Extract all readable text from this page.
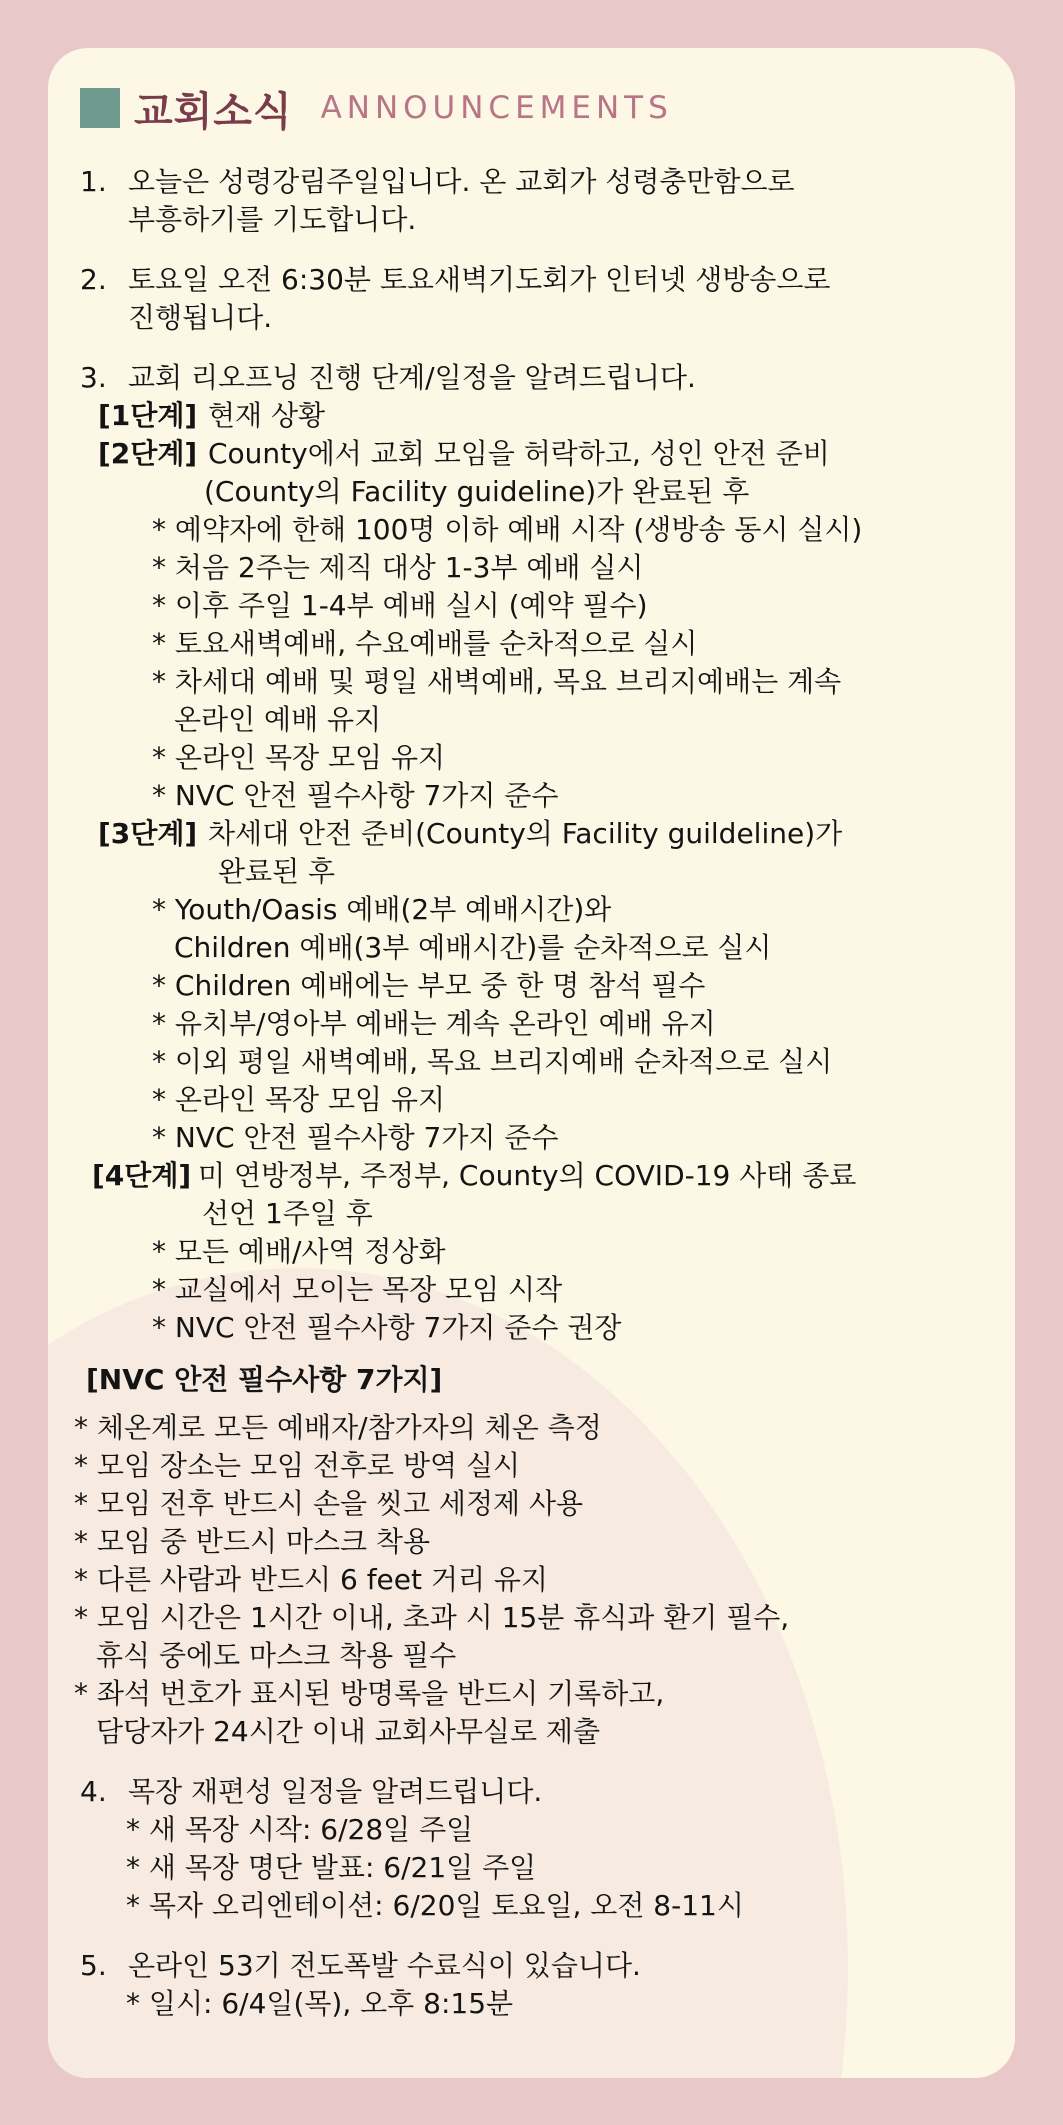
교회소식 ANNOUNCEMENTS
1. 오늘은 성령강림주일입니다. 온 교회가 성령충만함으로
부흥하기를 기도합니다.
2. 토요일 오전 6:30분 토요새벽기도회가 인터넷 생방송으로
진행됩니다.
3. 교회 리오프닝 진행 단계/일정을 알려드립니다.
[1단계] 현재 상황
[2단계] County에서 교회 모임을 허락하고, 성인 안전 준비
(County의 Facility guideline)가 완료된 후
* 예약자에 한해 100명 이하 예배 시작 (생방송 동시 실시)
* 처음 2주는 제직 대상 1-3부 예배 실시
* 이후 주일 1-4부 예배 실시 (예약 필수)
* 토요새벽예배, 수요예배를 순차적으로 실시
* 차세대 예배 및 평일 새벽예배, 목요 브리지예배는 계속
온라인 예배 유지
* 온라인 목장 모임 유지
* NVC 안전 필수사항 7가지 준수
[3단계] 차세대 안전 준비(County의 Facility guildeline)가
완료된 후
* Youth/Oasis 예배(2부 예배시간)와
Children 예배(3부 예배시간)를 순차적으로 실시
* Children 예배에는 부모 중 한 명 참석 필수
* 유치부/영아부 예배는 계속 온라인 예배 유지
* 이외 평일 새벽예배, 목요 브리지예배 순차적으로 실시
* 온라인 목장 모임 유지
* NVC 안전 필수사항 7가지 준수
[4단계] 미 연방정부, 주정부, County의 COVID-19 사태 종료
선언 1주일 후
* 모든 예배/사역 정상화
* 교실에서 모이는 목장 모임 시작
* NVC 안전 필수사항 7가지 준수 권장
[NVC 안전 필수사항 7가지]
* 체온계로 모든 예배자/참가자의 체온 측정
* 모임 장소는 모임 전후로 방역 실시
* 모임 전후 반드시 손을 씻고 세정제 사용
* 모임 중 반드시 마스크 착용
* 다른 사람과 반드시 6 feet 거리 유지
* 모임 시간은 1시간 이내, 초과 시 15분 휴식과 환기 필수,
휴식 중에도 마스크 착용 필수
* 좌석 번호가 표시된 방명록을 반드시 기록하고,
담당자가 24시간 이내 교회사무실로 제출
4. 목장 재편성 일정을 알려드립니다.
* 새 목장 시작: 6/28일 주일
* 새 목장 명단 발표: 6/21일 주일
* 목자 오리엔테이션: 6/20일 토요일, 오전 8-11시
5. 온라인 53기 전도폭발 수료식이 있습니다.
* 일시: 6/4일(목), 오후 8:15분
